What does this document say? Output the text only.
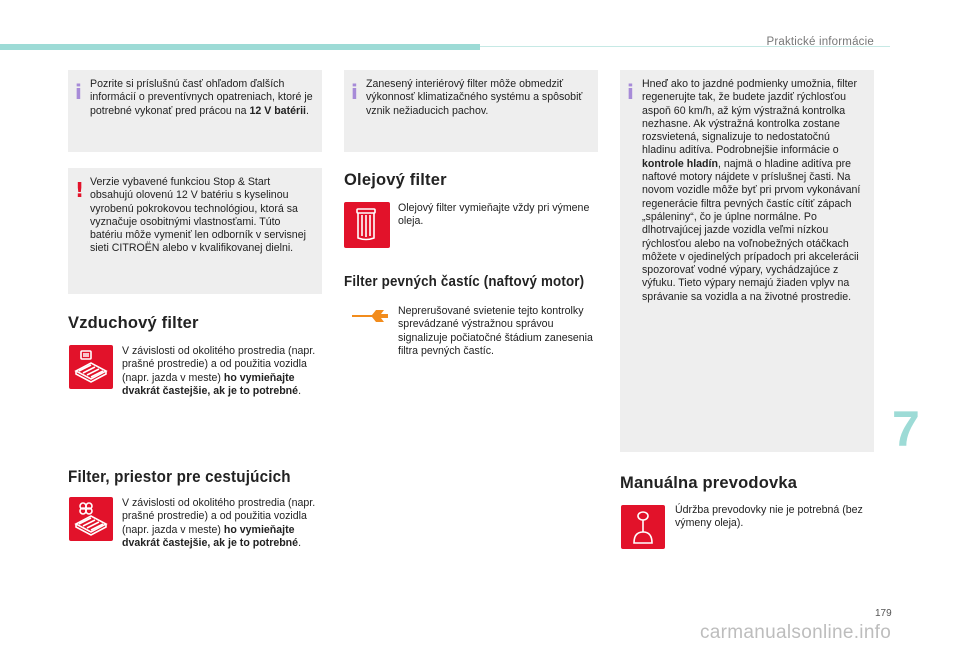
Praktické informácie
i Pozrite si príslušnú časť ohľadom ďalších informácií o preventívnych opatreniach, ktoré je potrebné vykonať pred prácou na 12 V batérii.
! Verzie vybavené funkciou Stop & Start obsahujú olovenú 12 V batériu s kyselinou vyrobenú pokrokovou technológiou, ktorá sa vyznačuje osobitnými vlastnosťami. Túto batériu môže vymeniť len odborník v servisnej sieti CITROËN alebo v kvalifikovanej dielni.
Vzduchový filter
V závislosti od okolitého prostredia (napr. prašné prostredie) a od použitia vozidla (napr. jazda v meste) ho vymieňajte dvakrát častejšie, ak je to potrebné.
Filter, priestor pre cestujúcich
V závislosti od okolitého prostredia (napr. prašné prostredie) a od použitia vozidla (napr. jazda v meste) ho vymieňajte dvakrát častejšie, ak je to potrebné.
i Zanesený interiérový filter môže obmedziť výkonnosť klimatizačného systému a spôsobiť vznik nežiaducich pachov.
Olejový filter
Olejový filter vymieňajte vždy pri výmene oleja.
Filter pevných častíc (naftový motor)
Neprerušované svietenie tejto kontrolky sprevádzané výstražnou správou signalizuje počiatočné štádium zanesenia filtra pevných častíc.
i Hneď ako to jazdné podmienky umožnia, filter regenerujte tak, že budete jazdiť rýchlosťou aspoň 60 km/h, až kým výstražná kontrolka nezhasne. Ak výstražná kontrolka zostane rozsvietená, signalizuje to nedostatočnú hladinu aditíva. Podrobnejšie informácie o kontrole hladín, najmä o hladine aditíva pre naftové motory nájdete v príslušnej časti. Na novom vozidle môže byť pri prvom vykonávaní regenerácie filtra pevných častíc cítiť zápach „spáleniny“, čo je úplne normálne. Po dlhotrvajúcej jazde vozidla veľmi nízkou rýchlosťou alebo na voľnobežných otáčkach môžete v ojedinelých prípadoch pri akcelerácii spozorovať vodné výpary, vychádzajúce z výfuku. Tieto výpary nemajú žiaden vplyv na správanie sa vozidla a na životné prostredie.
Manuálna prevodovka
Údržba prevodovky nie je potrebná (bez výmeny oleja).
7
179
carmanualsonline.info
